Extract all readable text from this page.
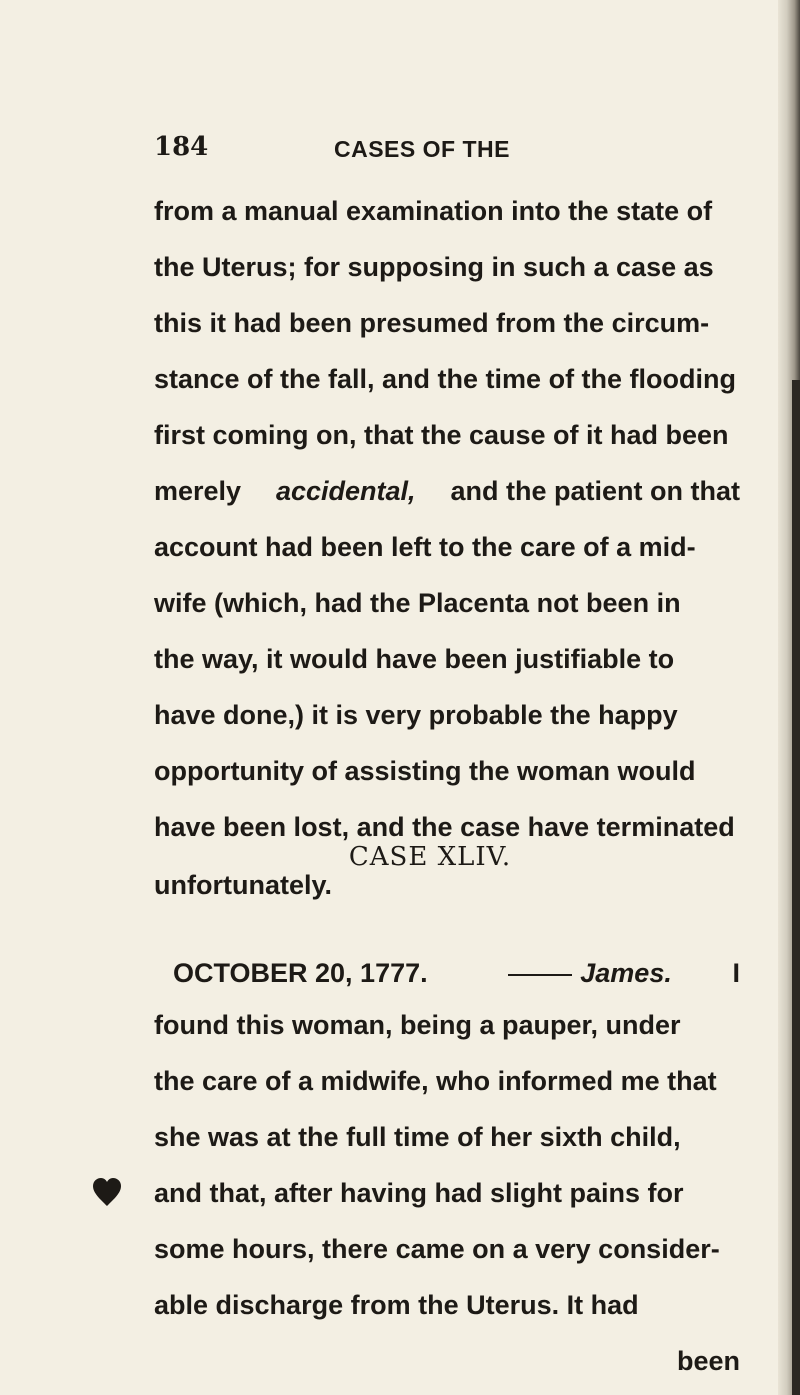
184	CASES OF THE
from a manual examination into the state of
the Uterus; for supposing in such a case as
this it had been presumed from the circum-
stance of the fall, and the time of the flooding
first coming on, that the cause of it had been
merely accidental, and the patient on that
account had been left to the care of a mid-
wife (which, had the Placenta not been in
the way, it would have been justifiable to
have done,) it is very probable the happy
opportunity of assisting the woman would
have been lost, and the case have terminated
unfortunately.
CASE XLIV.
OCTOBER 20, 1777.	James. I
found this woman, being a pauper, under
the care of a midwife, who informed me that
she was at the full time of her sixth child,
and that, after having had slight pains for
some hours, there came on a very consider-
able discharge from the Uterus. It had
been
